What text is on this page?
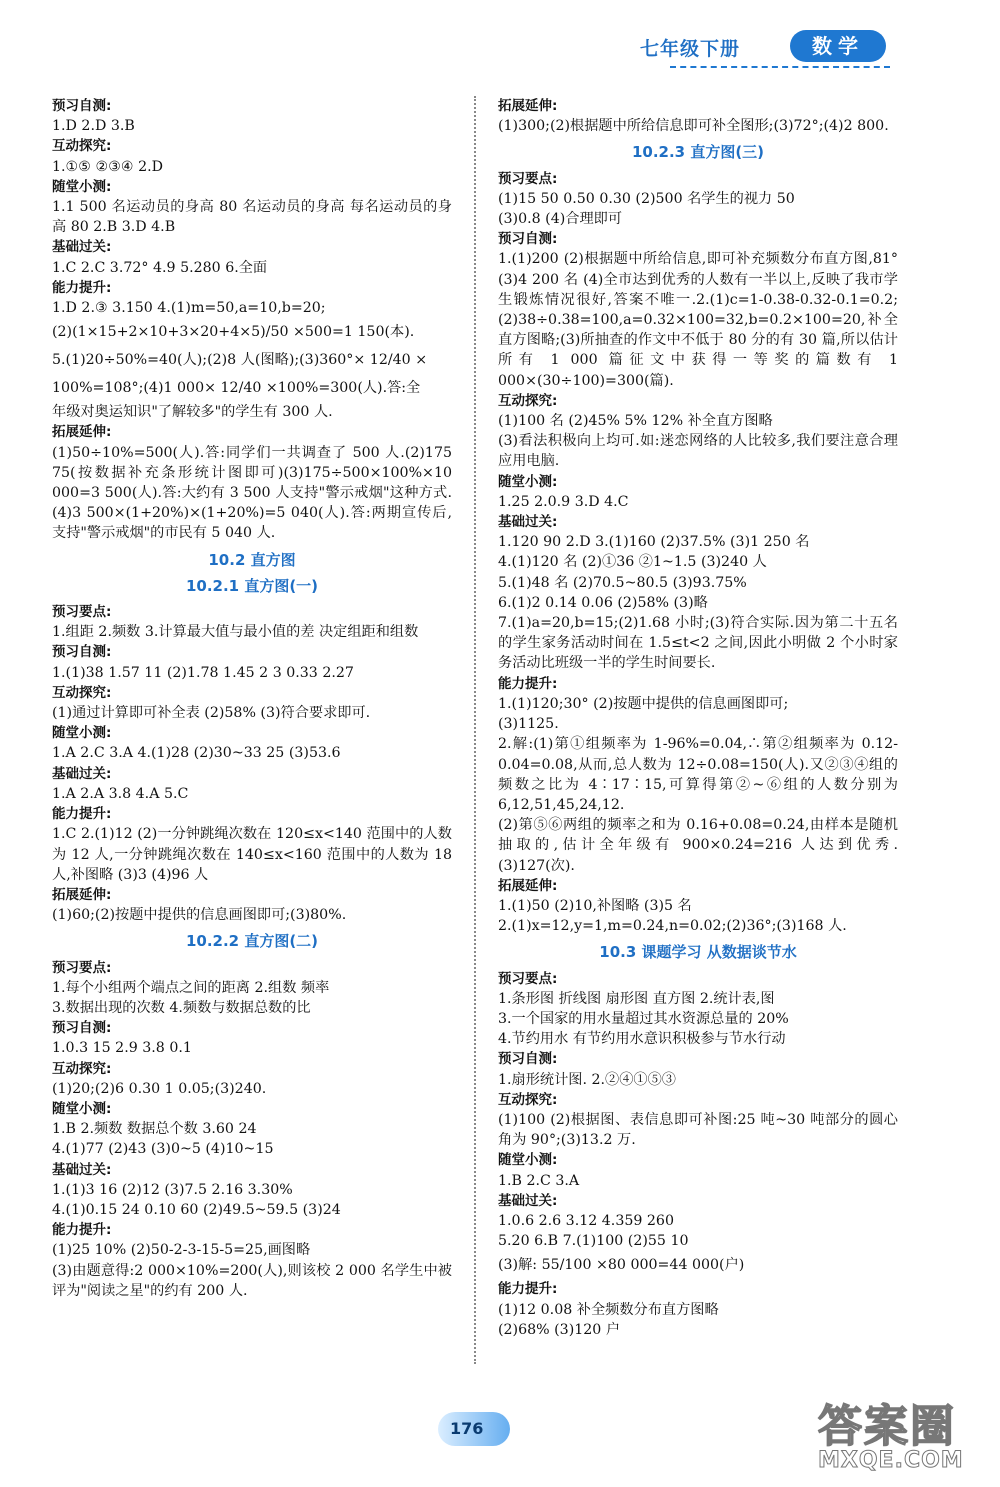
七年级下册	数学
预习自测:
1.D 2.D 3.B
互动探究:
1.①⑤ ②③④ 2.D
随堂小测:
1.1 500 名运动员的身高 80 名运动员的身高 每名运动员的身高 80 2.B 3.D 4.B
基础过关:
1.C 2.C 3.72° 4.9 5.280 6.全面
能力提升:
1.D 2.③ 3.150 4.(1)m=50,a=10,b=20;
(2)(1×15+2×10+3×20+4×5)/50 ×500=1 150(本).
5.(1)20÷50%=40(人);(2)8 人(图略);(3)360°× 12/40 ×
100%=108°;(4)1 000× 12/40 ×100%=300(人).答:全
年级对奥运知识"了解较多"的学生有 300 人.
拓展延伸:
(1)50÷10%=500(人).答:同学们一共调查了 500 人.(2)175 75(按数据补充条形统计图即可)(3)175÷500×100%×10 000=3 500(人).答:大约有 3 500 人支持"警示戒烟"这种方式.(4)3 500×(1+20%)×(1+20%)=5 040(人).答:两期宣传后,支持"警示戒烟"的市民有 5 040 人.
10.2 直方图
10.2.1 直方图(一)
预习要点:
1.组距 2.频数 3.计算最大值与最小值的差 决定组距和组数
预习自测:
1.(1)38 1.57 11 (2)1.78 1.45 2 3 0.33 2.27
互动探究:
(1)通过计算即可补全表 (2)58% (3)符合要求即可.
随堂小测:
1.A 2.C 3.A 4.(1)28 (2)30~33 25 (3)53.6
基础过关:
1.A 2.A 3.8 4.A 5.C
能力提升:
1.C 2.(1)12 (2)一分钟跳绳次数在 120≤x<140 范围中的人数为 12 人,一分钟跳绳次数在 140≤x<160 范围中的人数为 18 人,补图略 (3)3 (4)96 人
拓展延伸:
(1)60;(2)按题中提供的信息画图即可;(3)80%.
10.2.2 直方图(二)
预习要点:
1.每个小组两个端点之间的距离 2.组数 频率
3.数据出现的次数 4.频数与数据总数的比
预习自测:
1.0.3 15 2.9 3.8 0.1
互动探究:
(1)20;(2)6 0.30 1 0.05;(3)240.
随堂小测:
1.B 2.频数 数据总个数 3.60 24
4.(1)77 (2)43 (3)0~5 (4)10~15
基础过关:
1.(1)3 16 (2)12 (3)7.5 2.16 3.30%
4.(1)0.15 24 0.10 60 (2)49.5~59.5 (3)24
能力提升:
(1)25 10% (2)50-2-3-15-5=25,画图略
(3)由题意得:2 000×10%=200(人),则该校 2 000 名学生中被评为"阅读之星"的约有 200 人.
拓展延伸:
(1)300;(2)根据题中所给信息即可补全图形;(3)72°;(4)2 800.
10.2.3 直方图(三)
预习要点:
(1)15 50 0.50 0.30 (2)500 名学生的视力 50
(3)0.8 (4)合理即可
预习自测:
1.(1)200 (2)根据题中所给信息,即可补充频数分布直方图,81° (3)4 200 名 (4)全市达到优秀的人数有一半以上,反映了我市学生锻炼情况很好,答案不唯一.2.(1)c=1-0.38-0.32-0.1=0.2;(2)38÷0.38=100,a=0.32×100=32,b=0.2×100=20,补全直方图略;(3)所抽查的作文中不低于 80 分的有 30 篇,所以估计所有 1 000 篇征文中获得一等奖的篇数有 1 000×(30÷100)=300(篇).
互动探究:
(1)100 名 (2)45% 5% 12% 补全直方图略
(3)看法积极向上均可.如:迷恋网络的人比较多,我们要注意合理应用电脑.
随堂小测:
1.25 2.0.9 3.D 4.C
基础过关:
1.120 90 2.D 3.(1)160 (2)37.5% (3)1 250 名
4.(1)120 名 (2)①36 ②1~1.5 (3)240 人
5.(1)48 名 (2)70.5~80.5 (3)93.75%
6.(1)2 0.14 0.06 (2)58% (3)略
7.(1)a=20,b=15;(2)1.68 小时;(3)符合实际.因为第二十五名的学生家务活动时间在 1.5≤t<2 之间,因此小明做 2 个小时家务活动比班级一半的学生时间要长.
能力提升:
1.(1)120;30° (2)按题中提供的信息画图即可;
(3)1125.
2.解:(1)第①组频率为 1-96%=0.04,∴第②组频率为 0.12-0.04=0.08,从而,总人数为 12÷0.08=150(人).又②③④组的频数之比为 4∶17∶15,可算得第②~⑥组的人数分别为 6,12,51,45,24,12.
(2)第⑤⑥两组的频率之和为 0.16+0.08=0.24,由样本是随机抽取的,估计全年级有 900×0.24=216 人达到优秀. (3)127(次).
拓展延伸:
1.(1)50 (2)10,补图略 (3)5 名
2.(1)x=12,y=1,m=0.24,n=0.02;(2)36°;(3)168 人.
10.3 课题学习 从数据谈节水
预习要点:
1.条形图 折线图 扇形图 直方图 2.统计表,图
3.一个国家的用水量超过其水资源总量的 20%
4.节约用水 有节约用水意识积极参与节水行动
预习自测:
1.扇形统计图. 2.②④①⑤③
互动探究:
(1)100 (2)根据图、表信息即可补图:25 吨~30 吨部分的圆心角为 90°;(3)13.2 万.
随堂小测:
1.B 2.C 3.A
基础过关:
1.0.6 2.6 3.12 4.359 260
5.20 6.B 7.(1)100 (2)55 10
(3)解: 55/100 ×80 000=44 000(户)
能力提升:
(1)12 0.08 补全频数分布直方图略
(2)68% (3)120 户
176	答案圈
MXQE.COM
